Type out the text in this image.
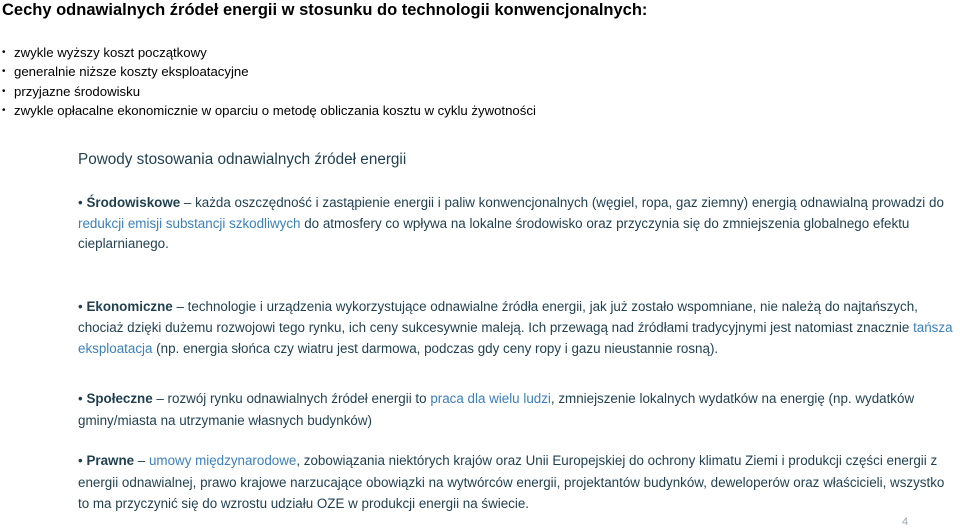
Cechy odnawialnych źródeł energii w stosunku do technologii konwencjonalnych:
• zwykle wyższy koszt początkowy
• generalnie niższe koszty eksploatacyjne
• przyjazne środowisku
• zwykle opłacalne ekonomicznie w oparciu o metodę obliczania kosztu w cyklu żywotności
Powody stosowania odnawialnych źródeł energii
• Środowiskowe – każda oszczędność i zastąpienie energii i paliw konwencjonalnych (węgiel, ropa, gaz ziemny) energią odnawialną prowadzi do redukcji emisji substancji szkodliwych do atmosfery co wpływa na lokalne środowisko oraz przyczynia się do zmniejszenia globalnego efektu cieplarnianego.
• Ekonomiczne – technologie i urządzenia wykorzystujące odnawialne źródła energii, jak już zostało wspomniane, nie należą do najtańszych, chociaż dzięki dużemu rozwojowi tego rynku, ich ceny sukcesywnie maleją. Ich przewagą nad źródłami tradycyjnymi jest natomiast znacznie tańsza eksploatacja (np. energia słońca czy wiatru jest darmowa, podczas gdy ceny ropy i gazu nieustannie rosną).
• Społeczne – rozwój rynku odnawialnych źródeł energii to praca dla wielu ludzi, zmniejszenie lokalnych wydatków na energię (np. wydatków gminy/miasta na utrzymanie własnych budynków)
• Prawne – umowy międzynarodowe, zobowiązania niektórych krajów oraz Unii Europejskiej do ochrony klimatu Ziemi i produkcji części energii z energii odnawialnej, prawo krajowe narzucające obowiązki na wytwórców energii, projektantów budynków, deweloperów oraz właścicieli, wszystko to ma przyczynić się do wzrostu udziału OZE w produkcji energii na świecie.
4
